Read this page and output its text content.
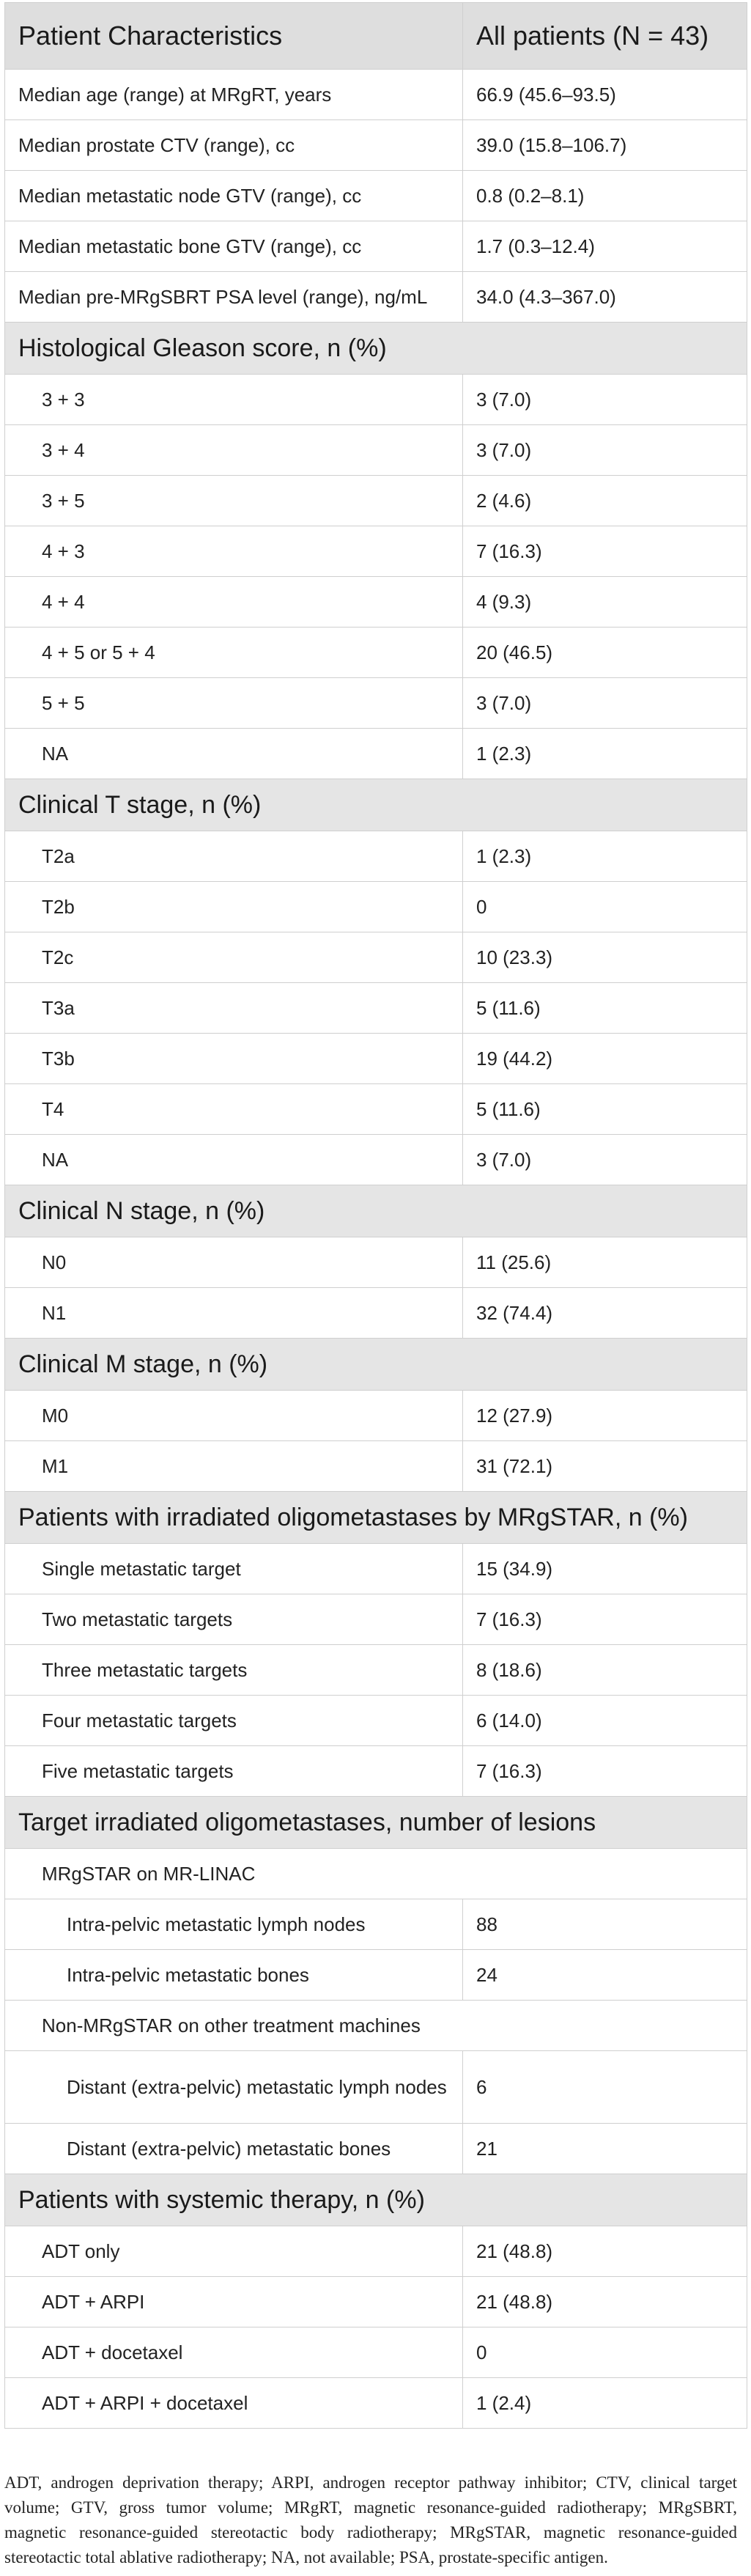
Patient Characteristics	All patients (N = 43)
Median age (range) at MRgRT, years	66.9 (45.6–93.5)
Median prostate CTV (range), cc	39.0 (15.8–106.7)
Median metastatic node GTV (range), cc	0.8 (0.2–8.1)
Median metastatic bone GTV (range), cc	1.7 (0.3–12.4)
Median pre-MRgSBRT PSA level (range), ng/mL	34.0 (4.3–367.0)
Histological Gleason score, n (%)	
3 + 3	3 (7.0)
3 + 4	3 (7.0)
3 + 5	2 (4.6)
4 + 3	7 (16.3)
4 + 4	4 (9.3)
4 + 5 or 5 + 4	20 (46.5)
5 + 5	3 (7.0)
NA	1 (2.3)
Clinical T stage, n (%)	
T2a	1 (2.3)
T2b	0
T2c	10 (23.3)
T3a	5 (11.6)
T3b	19 (44.2)
T4	5 (11.6)
NA	3 (7.0)
Clinical N stage, n (%)	
N0	11 (25.6)
N1	32 (74.4)
Clinical M stage, n (%)	
M0	12 (27.9)
M1	31 (72.1)
Patients with irradiated oligometastases by MRgSTAR, n (%)	
Single metastatic target	15 (34.9)
Two metastatic targets	7 (16.3)
Three metastatic targets	8 (18.6)
Four metastatic targets	6 (14.0)
Five metastatic targets	7 (16.3)
Target irradiated oligometastases, number of lesions	
MRgSTAR on MR-LINAC	
Intra-pelvic metastatic lymph nodes	88
Intra-pelvic metastatic bones	24
Non-MRgSTAR on other treatment machines	
Distant (extra-pelvic) metastatic lymph nodes	6
Distant (extra-pelvic) metastatic bones	21
Patients with systemic therapy, n (%)	
ADT only	21 (48.8)
ADT + ARPI	21 (48.8)
ADT + docetaxel	0
ADT + ARPI + docetaxel	1 (2.4)

ADT, androgen deprivation therapy; ARPI, androgen receptor pathway inhibitor; CTV, clinical target volume; GTV, gross tumor volume; MRgRT, magnetic resonance-guided radiotherapy; MRgSBRT, magnetic resonance-guided stereotactic body radiotherapy; MRgSTAR, magnetic resonance-guided stereotactic total ablative radiotherapy; NA, not available; PSA, prostate-specific antigen.
